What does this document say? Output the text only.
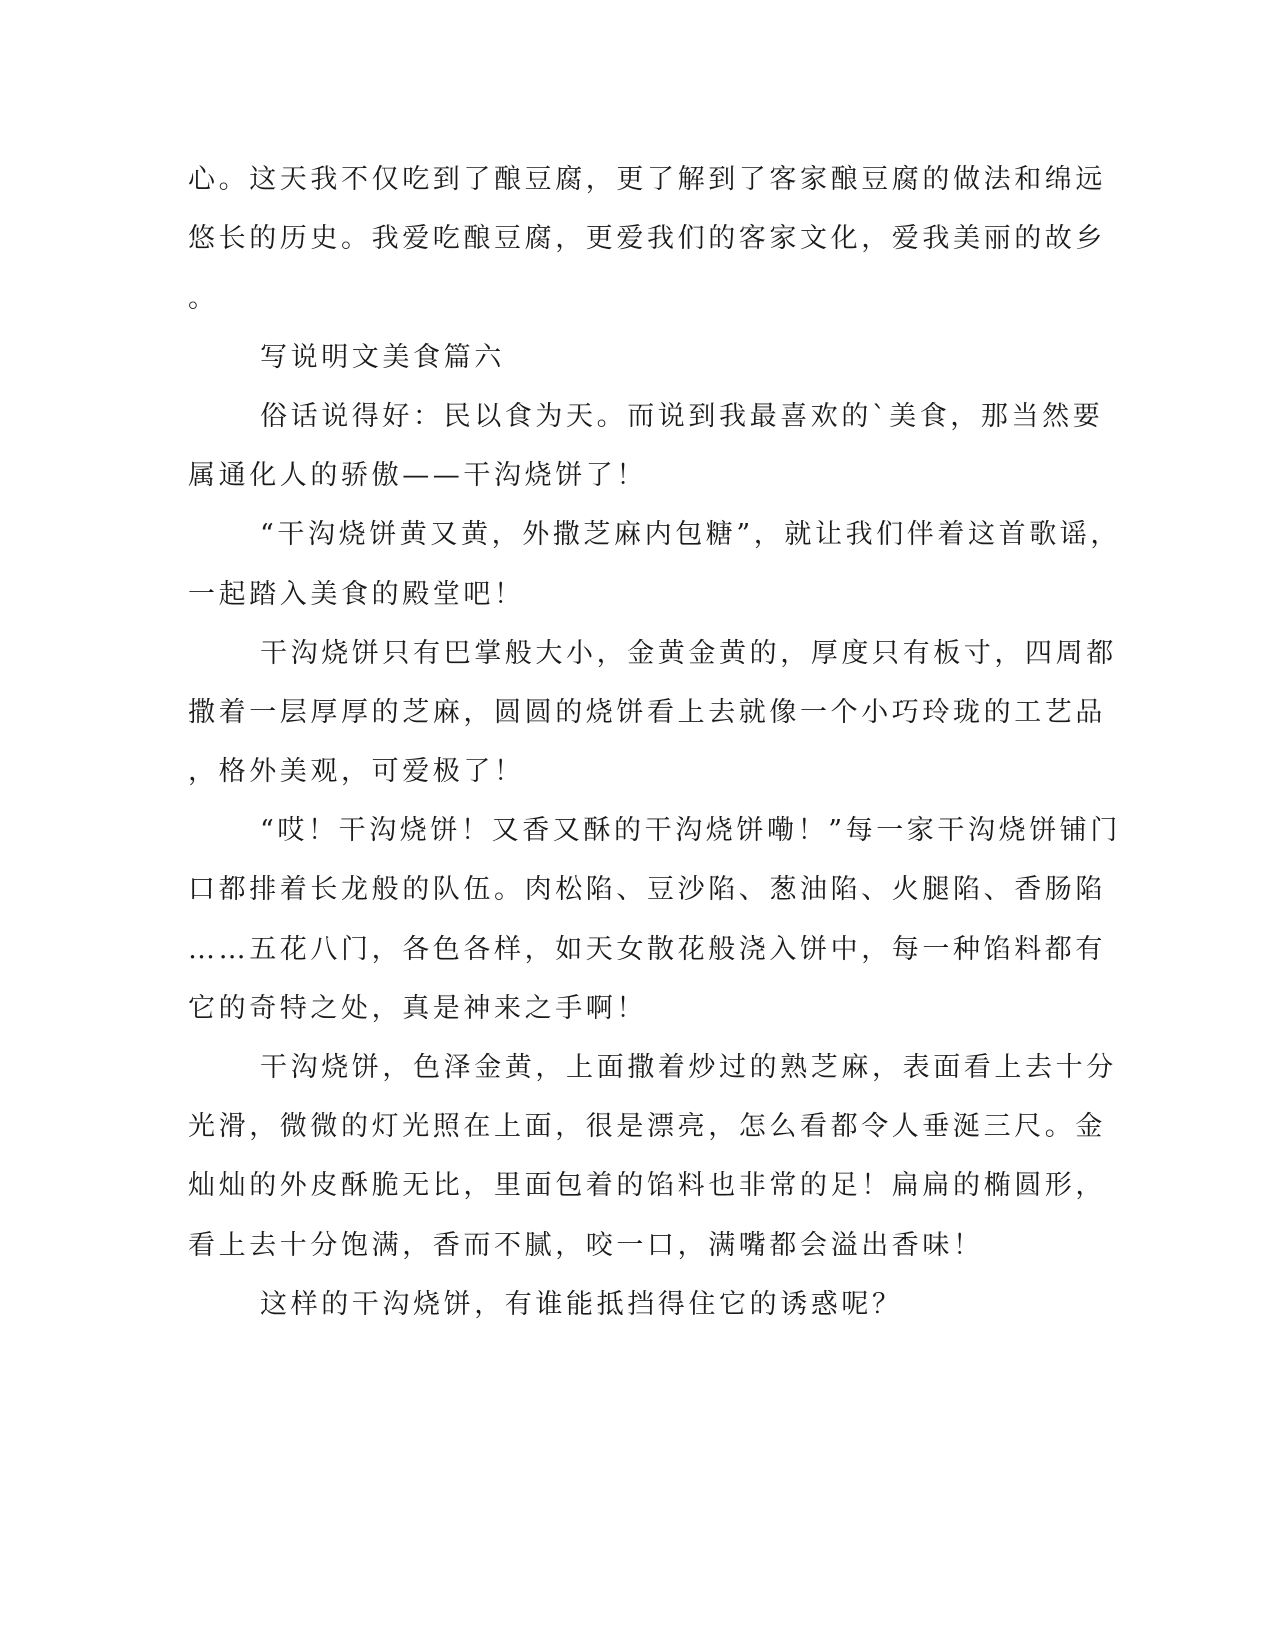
心。这天我不仅吃到了酿豆腐，更了解到了客家酿豆腐的做法和绵远

悠长的历史。我爱吃酿豆腐，更爱我们的客家文化，爱我美丽的故乡

。

写说明文美食篇六

俗话说得好：民以食为天。而说到我最喜欢的`美食，那当然要

属通化人的骄傲——干沟烧饼了！

“干沟烧饼黄又黄，外撒芝麻内包糖”，就让我们伴着这首歌谣，

一起踏入美食的殿堂吧！

干沟烧饼只有巴掌般大小，金黄金黄的，厚度只有板寸，四周都

撒着一层厚厚的芝麻，圆圆的烧饼看上去就像一个小巧玲珑的工艺品

，格外美观，可爱极了！

“哎！干沟烧饼！又香又酥的干沟烧饼嘞！”每一家干沟烧饼铺门

口都排着长龙般的队伍。肉松陷、豆沙陷、葱油陷、火腿陷、香肠陷

……五花八门，各色各样，如天女散花般浇入饼中，每一种馅料都有

它的奇特之处，真是神来之手啊！

干沟烧饼，色泽金黄，上面撒着炒过的熟芝麻，表面看上去十分

光滑，微微的灯光照在上面，很是漂亮，怎么看都令人垂涎三尺。金

灿灿的外皮酥脆无比，里面包着的馅料也非常的足！扁扁的椭圆形，

看上去十分饱满，香而不腻，咬一口，满嘴都会溢出香味！

这样的干沟烧饼，有谁能抵挡得住它的诱惑呢？
